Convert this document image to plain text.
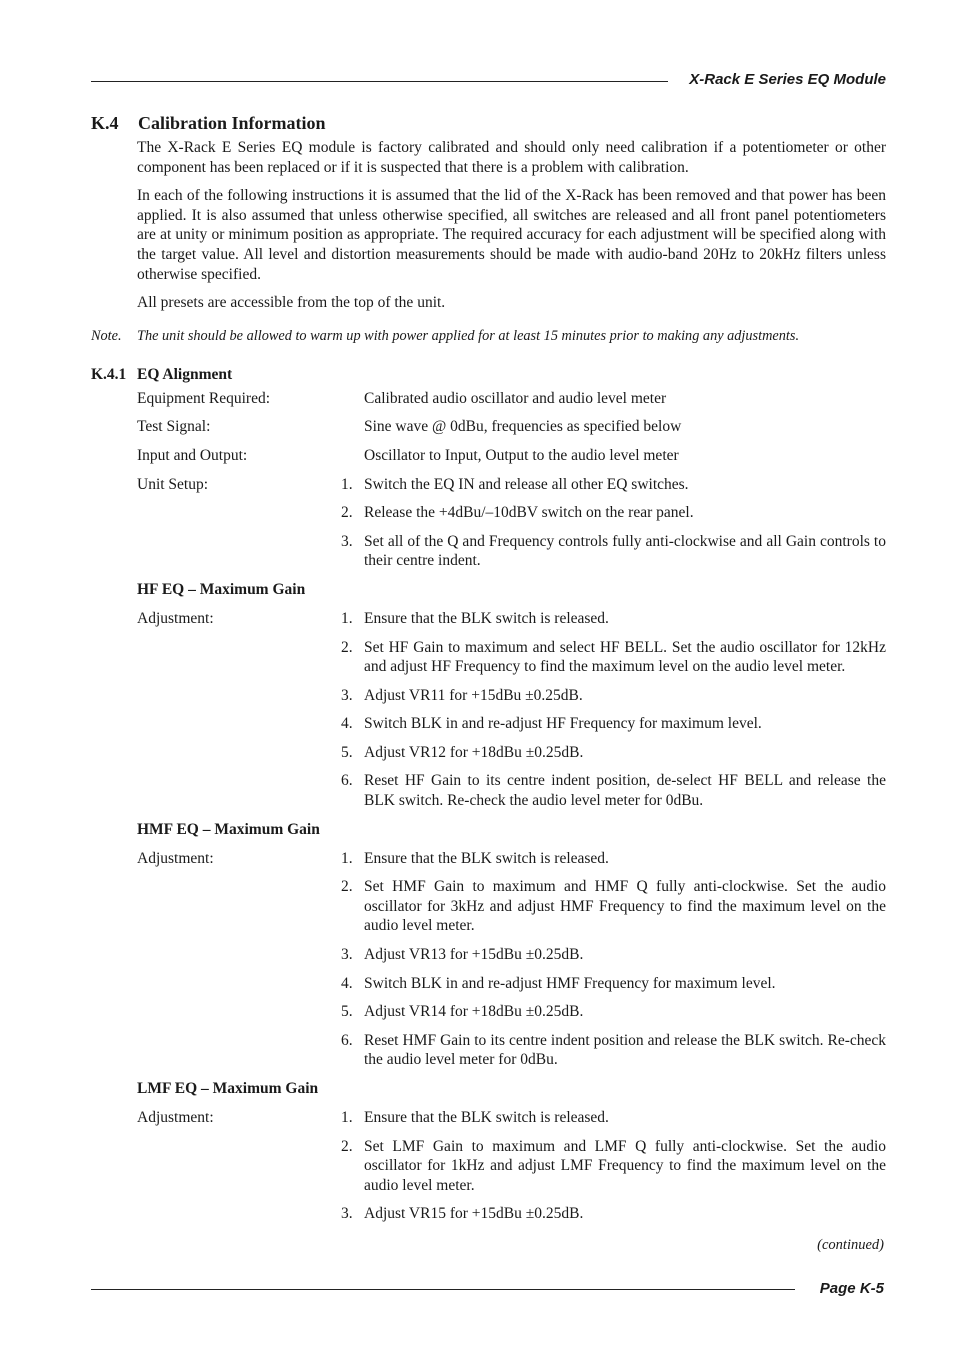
X-Rack E Series EQ Module
K.4	Calibration Information

The X-Rack E Series EQ module is factory calibrated and should only need calibration if a potentiometer or other component has been replaced or if it is suspected that there is a problem with calibration.

In each of the following instructions it is assumed that the lid of the X-Rack has been removed and that power has been applied. It is also assumed that unless otherwise specified, all switches are released and all front panel potentiometers are at unity or minimum position as appropriate. The required accuracy for each adjustment will be specified along with the target value. All level and distortion measurements should be made with audio-band 20Hz to 20kHz filters unless otherwise specified.

All presets are accessible from the top of the unit.

Note. The unit should be allowed to warm up with power applied for at least 15 minutes prior to making any adjustments.

K.4.1 EQ Alignment
Equipment Required:	Calibrated audio oscillator and audio level meter
Test Signal:	Sine wave @ 0dBu, frequencies as specified below
Input and Output:	Oscillator to Input, Output to the audio level meter
Unit Setup:	1. Switch the EQ IN and release all other EQ switches.
2. Release the +4dBu/–10dBV switch on the rear panel.
3. Set all of the Q and Frequency controls fully anti-clockwise and all Gain controls to their centre indent.
HF EQ – Maximum Gain
Adjustment:	1. Ensure that the BLK switch is released.
2. Set HF Gain to maximum and select HF BELL. Set the audio oscillator for 12kHz and adjust HF Frequency to find the maximum level on the audio level meter.
3. Adjust VR11 for +15dBu ±0.25dB.
4. Switch BLK in and re-adjust HF Frequency for maximum level.
5. Adjust VR12 for +18dBu ±0.25dB.
6. Reset HF Gain to its centre indent position, de-select HF BELL and release the BLK switch. Re-check the audio level meter for 0dBu.
HMF EQ – Maximum Gain
Adjustment:	1. Ensure that the BLK switch is released.
2. Set HMF Gain to maximum and HMF Q fully anti-clockwise. Set the audio oscillator for 3kHz and adjust HMF Frequency to find the maximum level on the audio level meter.
3. Adjust VR13 for +15dBu ±0.25dB.
4. Switch BLK in and re-adjust HMF Frequency for maximum level.
5. Adjust VR14 for +18dBu ±0.25dB.
6. Reset HMF Gain to its centre indent position and release the BLK switch. Re-check the audio level meter for 0dBu.
LMF EQ – Maximum Gain
Adjustment:	1. Ensure that the BLK switch is released.
2. Set LMF Gain to maximum and LMF Q fully anti-clockwise. Set the audio oscillator for 1kHz and adjust LMF Frequency to find the maximum level on the audio level meter.
3. Adjust VR15 for +15dBu ±0.25dB.
(continued)
Page K-5
